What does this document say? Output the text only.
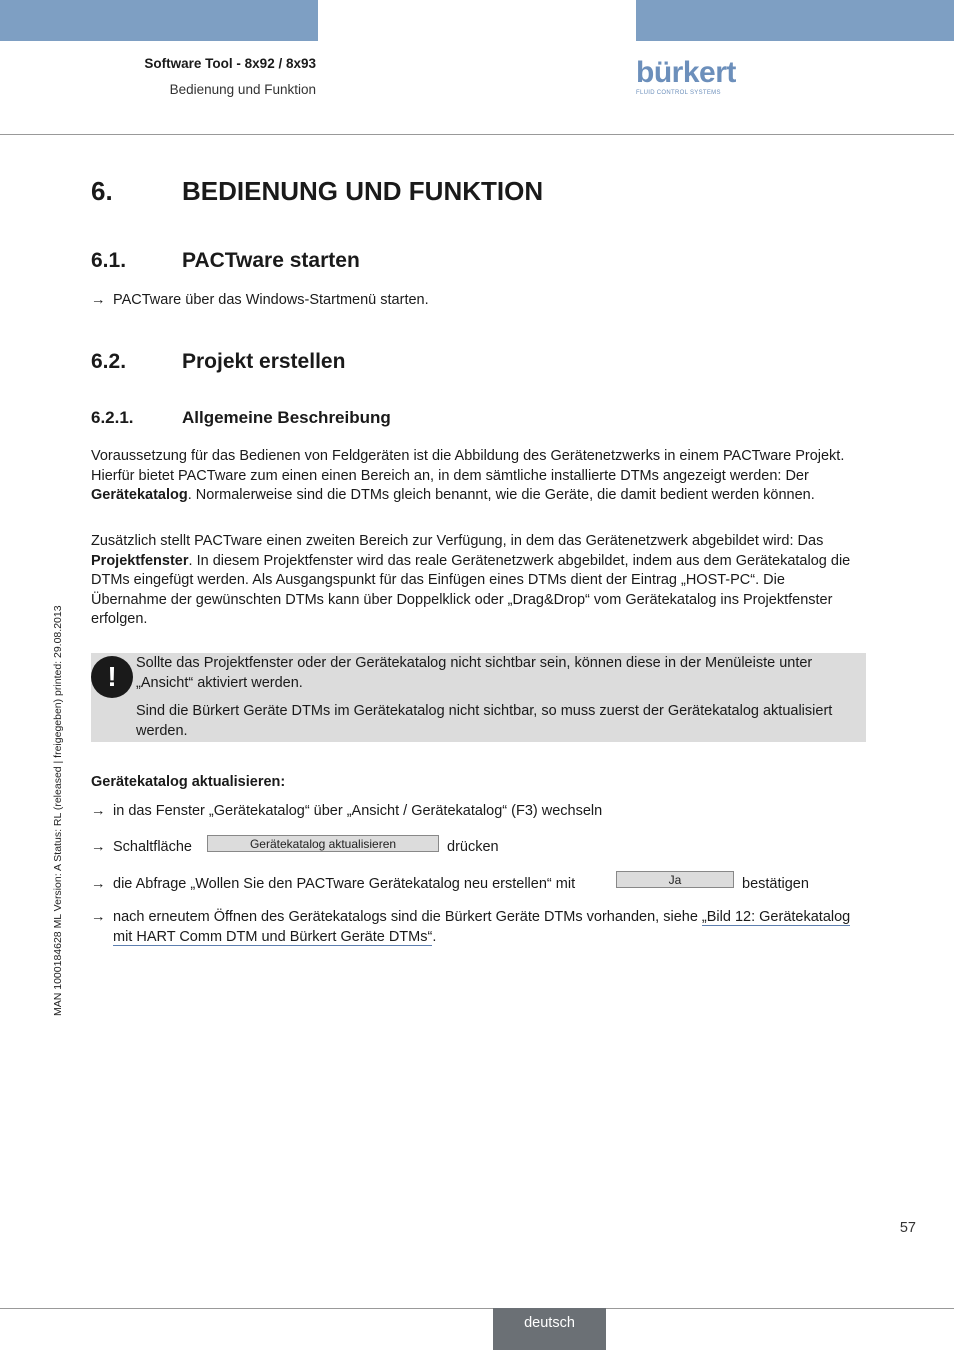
Software Tool - 8x92 / 8x93
Bedienung und Funktion
bürkert
FLUID CONTROL SYSTEMS
MAN 1000184628 ML Version: A Status: RL (released | freigegeben) printed: 29.08.2013
6.	BEDIENUNG UND FUNKTION
6.1.	PACTware starten
→ PACTware über das Windows-Startmenü starten.
6.2.	Projekt erstellen
6.2.1.	Allgemeine Beschreibung

Voraussetzung für das Bedienen von Feldgeräten ist die Abbildung des Gerätenetzwerks in einem PACTware Projekt. Hierfür bietet PACTware zum einen einen Bereich an, in dem sämtliche installierte DTMs angezeigt werden: Der Gerätekatalog. Normalerweise sind die DTMs gleich benannt, wie die Geräte, die damit bedient werden können.

Zusätzlich stellt PACTware einen zweiten Bereich zur Verfügung, in dem das Gerätenetzwerk abgebildet wird: Das Projektfenster. In diesem Projektfenster wird das reale Gerätenetzwerk abgebildet, indem aus dem Gerätekatalog die DTMs eingefügt werden. Als Ausgangspunkt für das Einfügen eines DTMs dient der Eintrag „HOST-PC“. Die Übernahme der gewünschten DTMs kann über Doppelklick oder „Drag&Drop“ vom Gerätekatalog ins Projektfenster erfolgen.

!	Sollte das Projektfenster oder der Gerätekatalog nicht sichtbar sein, können diese in der Menüleiste unter „Ansicht“ aktiviert werden.

Sind die Bürkert Geräte DTMs im Gerätekatalog nicht sichtbar, so muss zuerst der Gerätekatalog aktualisiert werden.

Gerätekatalog aktualisieren:
→ in das Fenster „Gerätekatalog“ über „Ansicht / Gerätekatalog“ (F3) wechseln
→ Schaltfläche	Gerätekatalog aktualisieren	drücken
→ die Abfrage „Wollen Sie den PACTware Gerätekatalog neu erstellen“ mit	Ja	bestätigen
→ nach erneutem Öffnen des Gerätekatalogs sind die Bürkert Geräte DTMs vorhanden, siehe „Bild 12: Gerätekatalog mit HART Comm DTM und Bürkert Geräte DTMs“.

57
deutsch
